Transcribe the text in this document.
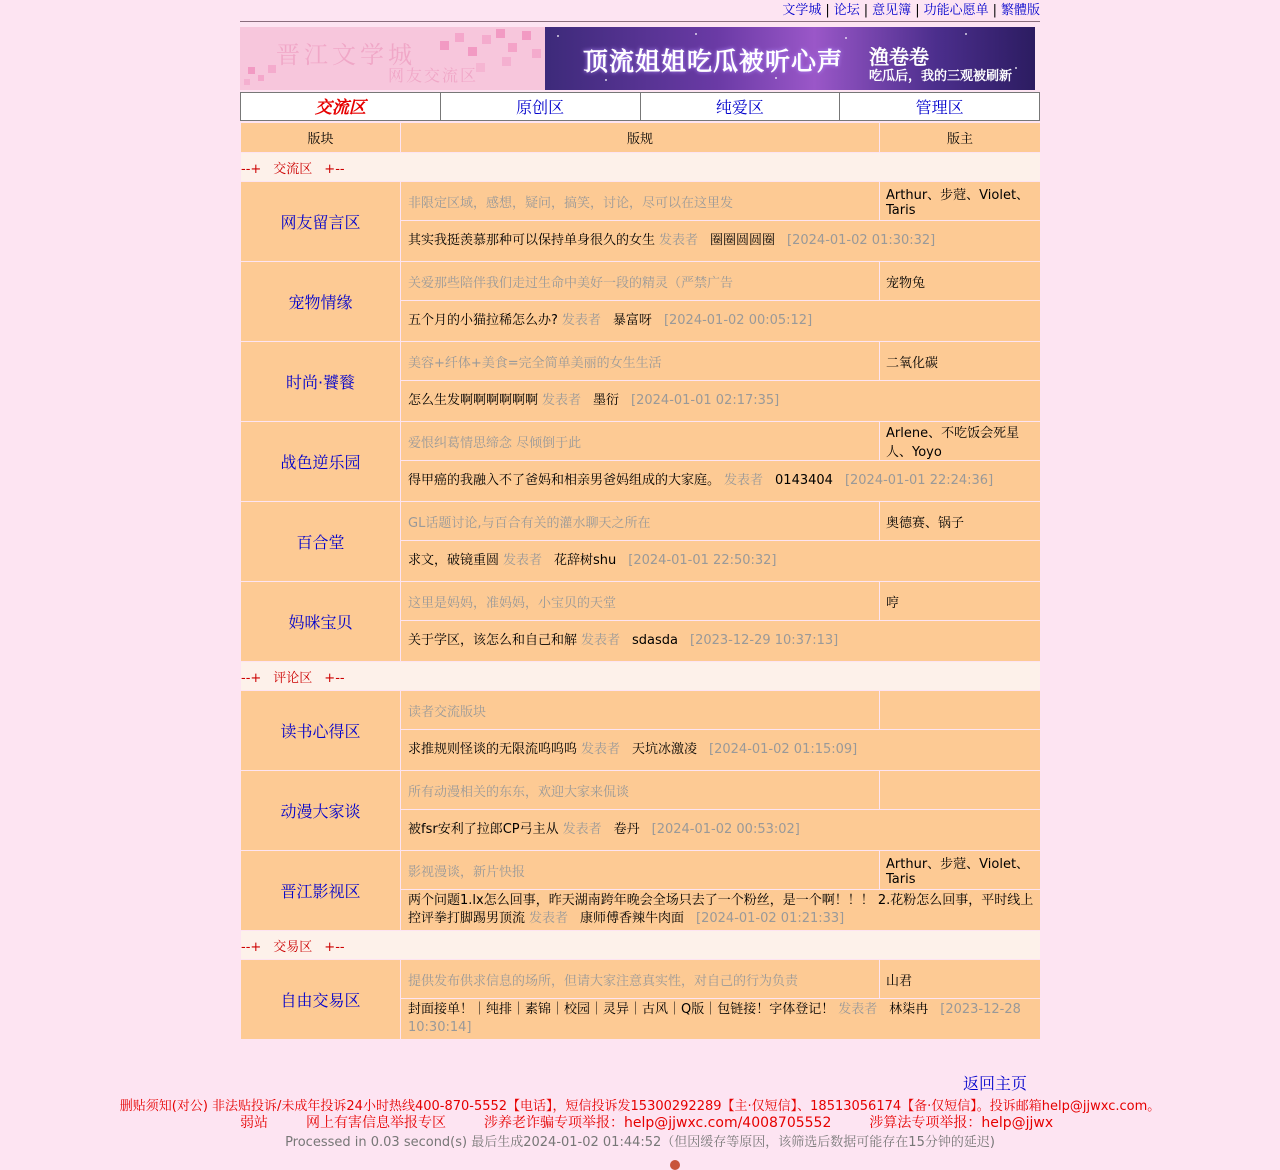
文学城 | 论坛 | 意见簿 | 功能心愿单 | 繁體版
晋江文学城
网友交流区	顶流姐姐吃瓜被听心声 渔卷卷
吃瓜后，我的三观被刷新
交流区	原创区	纯爱区	管理区
版块	版规	版主
--+ 交流区 +--		
网友留言区	非限定区域，感想，疑问，搞笑，讨论，尽可以在这里发	Arthur、步蒄、Violet、Taris
	其实我挺羡慕那种可以保持单身很久的女生 发表者 圈圈圆圆圈 [2024-01-02 01:30:32]	
宠物情缘	关爱那些陪伴我们走过生命中美好一段的精灵（严禁广告	宠物兔
	五个月的小猫拉稀怎么办? 发表者 暴富呀 [2024-01-02 00:05:12]	
时尚·饕餮	美容+纤体+美食=完全简单美丽的女生生活	二氧化碳
	怎么生发啊啊啊啊啊啊 发表者 墨衍 [2024-01-01 02:17:35]	
战色逆乐园	爱恨纠葛情思缔念 尽倾倒于此	Arlene、不吃饭会死星人、Yoyo
	得甲癌的我融入不了爸妈和相亲男爸妈组成的大家庭。 发表者 0143404 [2024-01-01 22:24:36]	
百合堂	GL话题讨论,与百合有关的灌水聊天之所在	奥德赛、锅子
	求文，破镜重圆 发表者 花辞树shu [2024-01-01 22:50:32]	
妈咪宝贝	这里是妈妈，准妈妈，小宝贝的天堂	哼
	关于学区，该怎么和自己和解 发表者 sdasda [2023-12-29 10:37:13]	
--+ 评论区 +--		
读书心得区	读者交流版块	
	求推规则怪谈的无限流呜呜呜 发表者 天坑冰激凌 [2024-01-02 01:15:09]	
动漫大家谈	所有动漫相关的东东，欢迎大家来侃谈	
	被fsr安利了拉郎CP弓主从 发表者 卷丹 [2024-01-02 00:53:02]	
晋江影视区	影视漫谈，新片快报	Arthur、步蒄、Violet、Taris
	两个问题1.lx怎么回事，昨天湖南跨年晚会全场只去了一个粉丝，是一个啊！！！ 2.花粉怎么回事，平时线上控评拳打脚踢男顶流 发表者 康师傅香辣牛肉面 [2024-01-02 01:21:33]	
--+ 交易区 +--		
自由交易区	提供发布供求信息的场所，但请大家注意真实性，对自己的行为负责	山君
	封面接单！｜纯排｜素锦｜校园｜灵异｜古风｜Q版｜包链接！字体登记！ 发表者 林柒冉 [2023-12-28 10:30:14]	
返回主页
删贴须知(对公) 非法贴投诉/未成年投诉24小时热线400-870-5552【电话】，短信投诉发15300292289【主·仅短信】、18513056174【备·仅短信】。投诉邮箱help@jjwxc.com。
弱站	网上有害信息举报专区	涉养老诈骗专项举报：help@jjwxc.com/4008705552	涉算法专项举报：help@jjwx
Processed in 0.03 second(s) 最后生成2024-01-02 01:44:52（但因缓存等原因，该筛选后数据可能存在15分钟的延迟)
